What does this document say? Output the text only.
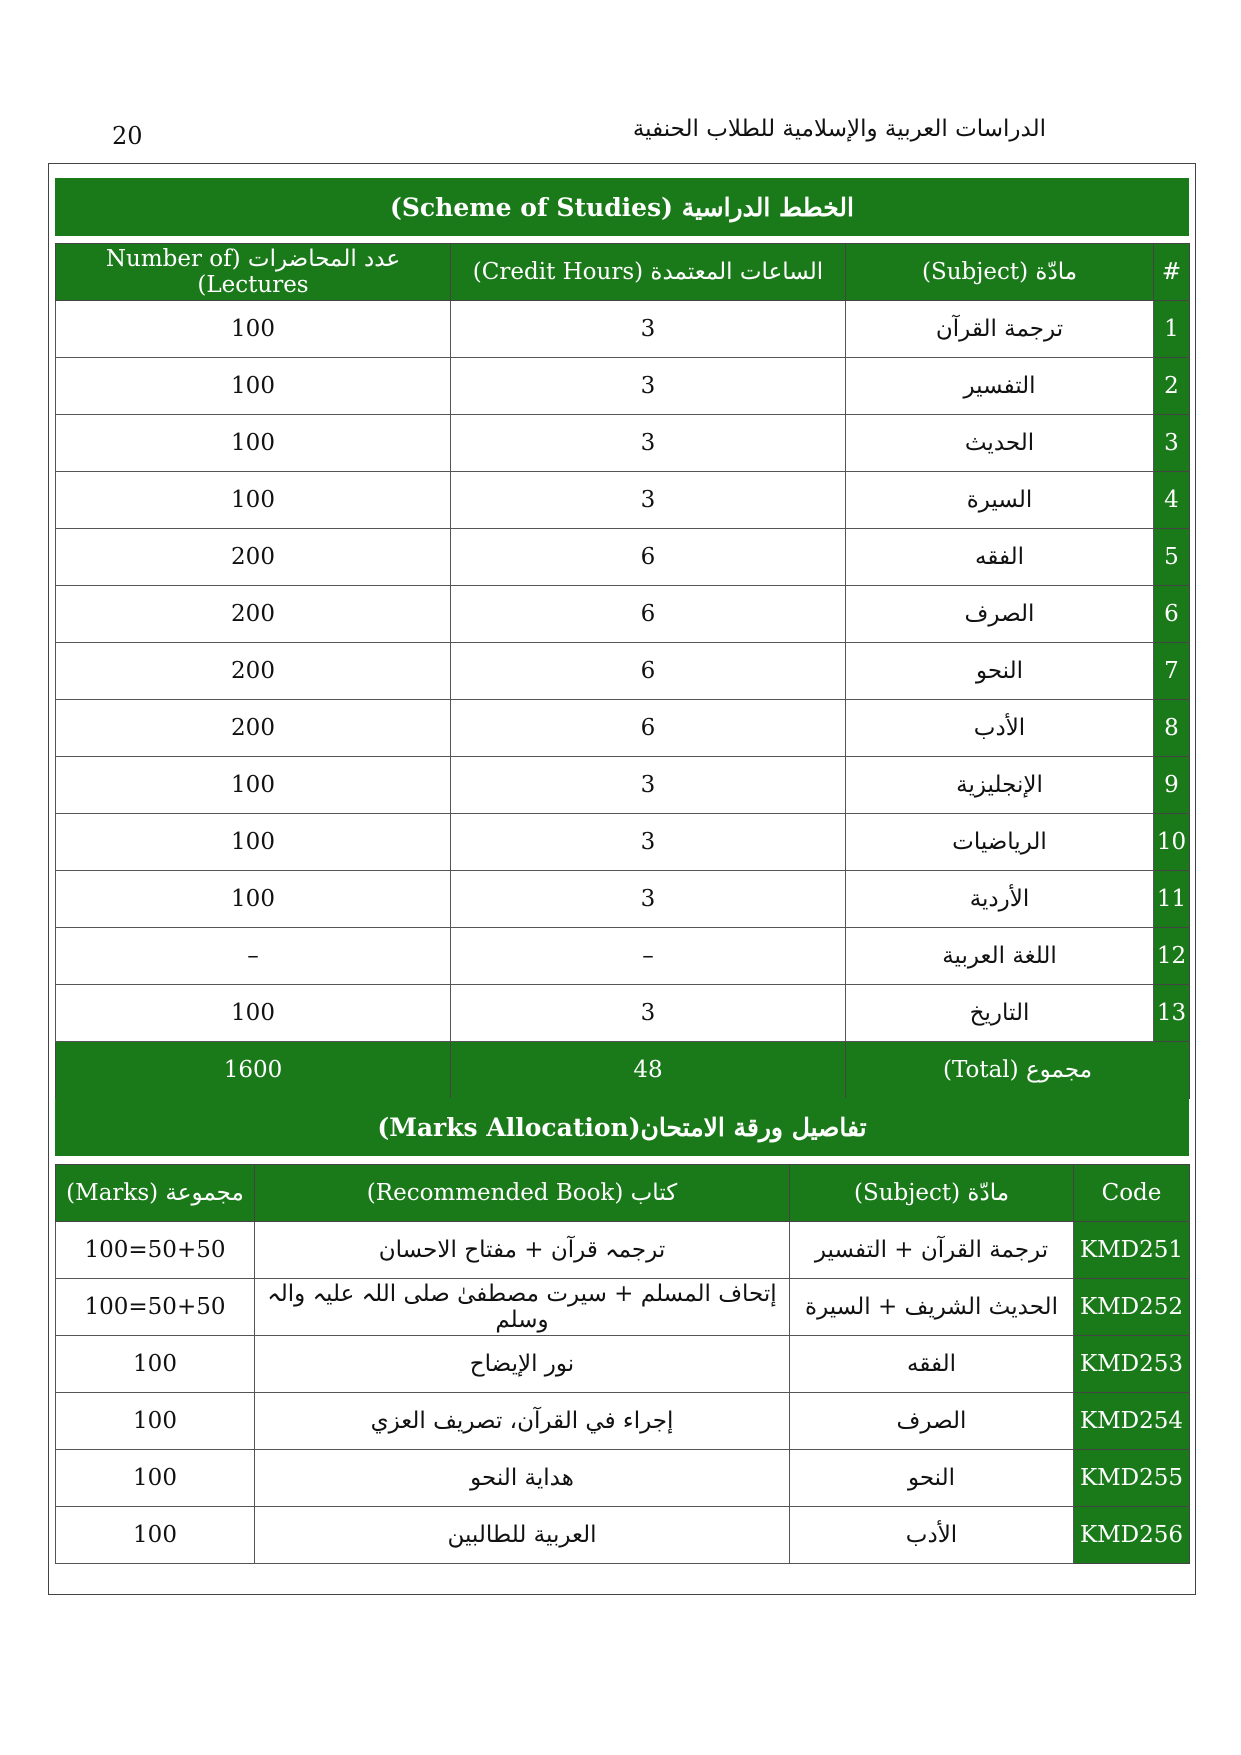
20	الدراسات العربية والإسلامية للطلاب الحنفية
الخطط الدراسية (Scheme of Studies)
عدد المحاضرات (Number of Lectures)	الساعات المعتمدة (Credit Hours)	مادّة (Subject)	#
100	3	ترجمة القرآن	1
100	3	التفسير	2
100	3	الحديث	3
100	3	السيرة	4
200	6	الفقه	5
200	6	الصرف	6
200	6	النحو	7
200	6	الأدب	8
100	3	الإنجليزية	9
100	3	الرياضيات	10
100	3	الأردية	11
–	–	اللغة العربية	12
100	3	التاريخ	13
1600	48	مجموع (Total)	
تفاصيل ورقة الامتحان(Marks Allocation)
مجموعة (Marks)	كتاب (Recommended Book)	مادّة (Subject)	Code
100=50+50	ترجمہ قرآن + مفتاح الاحسان	ترجمة القرآن + التفسير	KMD251
100=50+50	إتحاف المسلم + سیرت مصطفیٰ صلی اللہ علیہ والہ وسلم	الحديث الشريف + السيرة	KMD252
100	نور الإيضاح	الفقه	KMD253
100	إجراء في القرآن، تصريف العزي	الصرف	KMD254
100	هداية النحو	النحو	KMD255
100	العربية للطالبين	الأدب	KMD256
